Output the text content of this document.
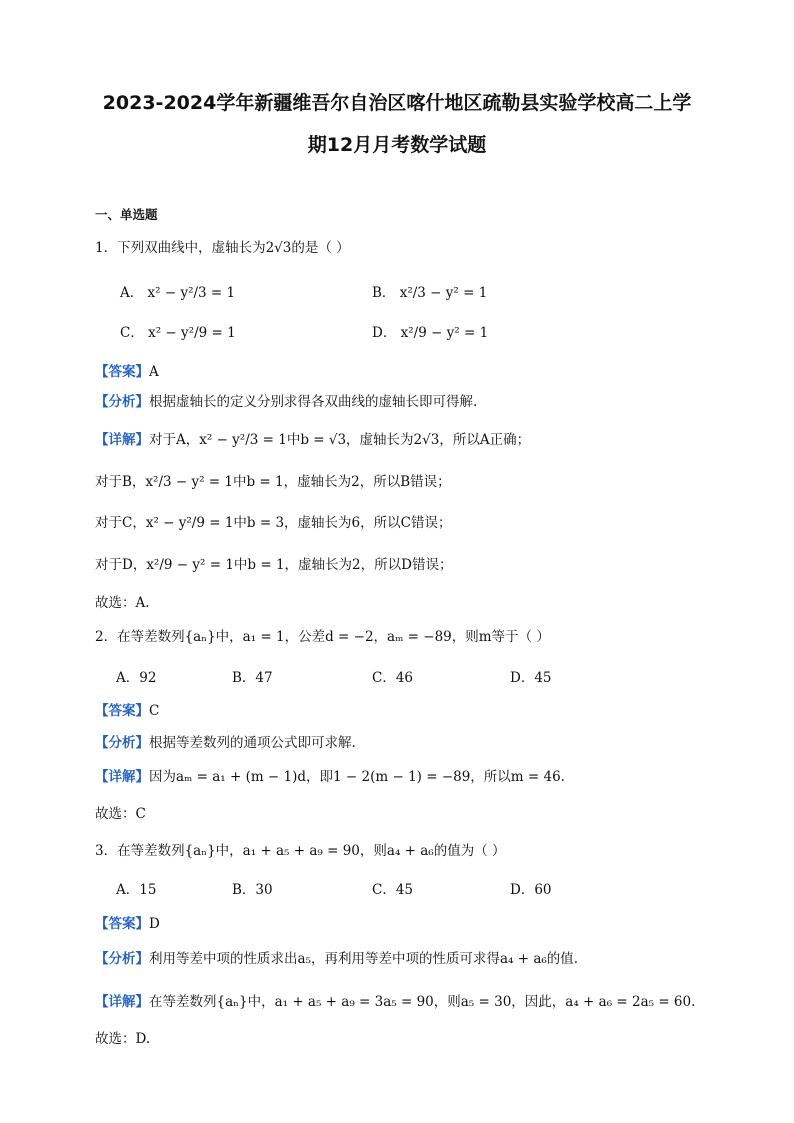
2023-2024学年新疆维吾尔自治区喀什地区疏勒县实验学校高二上学
期12月月考数学试题
一、单选题
1．下列双曲线中，虚轴长为2√3的是（ ）
A． x² − y²/3 = 1	B． x²/3 − y² = 1
C． x² − y²/9 = 1	D． x²/9 − y² = 1
【答案】A
【分析】根据虚轴长的定义分别求得各双曲线的虚轴长即可得解.
【详解】对于A，x² − y²/3 = 1中b = √3，虚轴长为2√3，所以A正确；
对于B，x²/3 − y² = 1中b = 1，虚轴长为2，所以B错误；
对于C，x² − y²/9 = 1中b = 3，虚轴长为6，所以C错误；
对于D，x²/9 − y² = 1中b = 1，虚轴长为2，所以D错误；
故选：A.
2．在等差数列{aₙ}中，a₁ = 1，公差d = −2，aₘ = −89，则m等于（ ）
A．92	B．47	C．46	D．45
【答案】C
【分析】根据等差数列的通项公式即可求解.
【详解】因为aₘ = a₁ + (m − 1)d，即1 − 2(m − 1) = −89，所以m = 46.
故选：C
3．在等差数列{aₙ}中，a₁ + a₅ + a₉ = 90，则a₄ + a₆的值为（ ）
A．15	B．30	C．45	D．60
【答案】D
【分析】利用等差中项的性质求出a₅，再利用等差中项的性质可求得a₄ + a₆的值.
【详解】在等差数列{aₙ}中，a₁ + a₅ + a₉ = 3a₅ = 90，则a₅ = 30，因此，a₄ + a₆ = 2a₅ = 60.
故选：D.
